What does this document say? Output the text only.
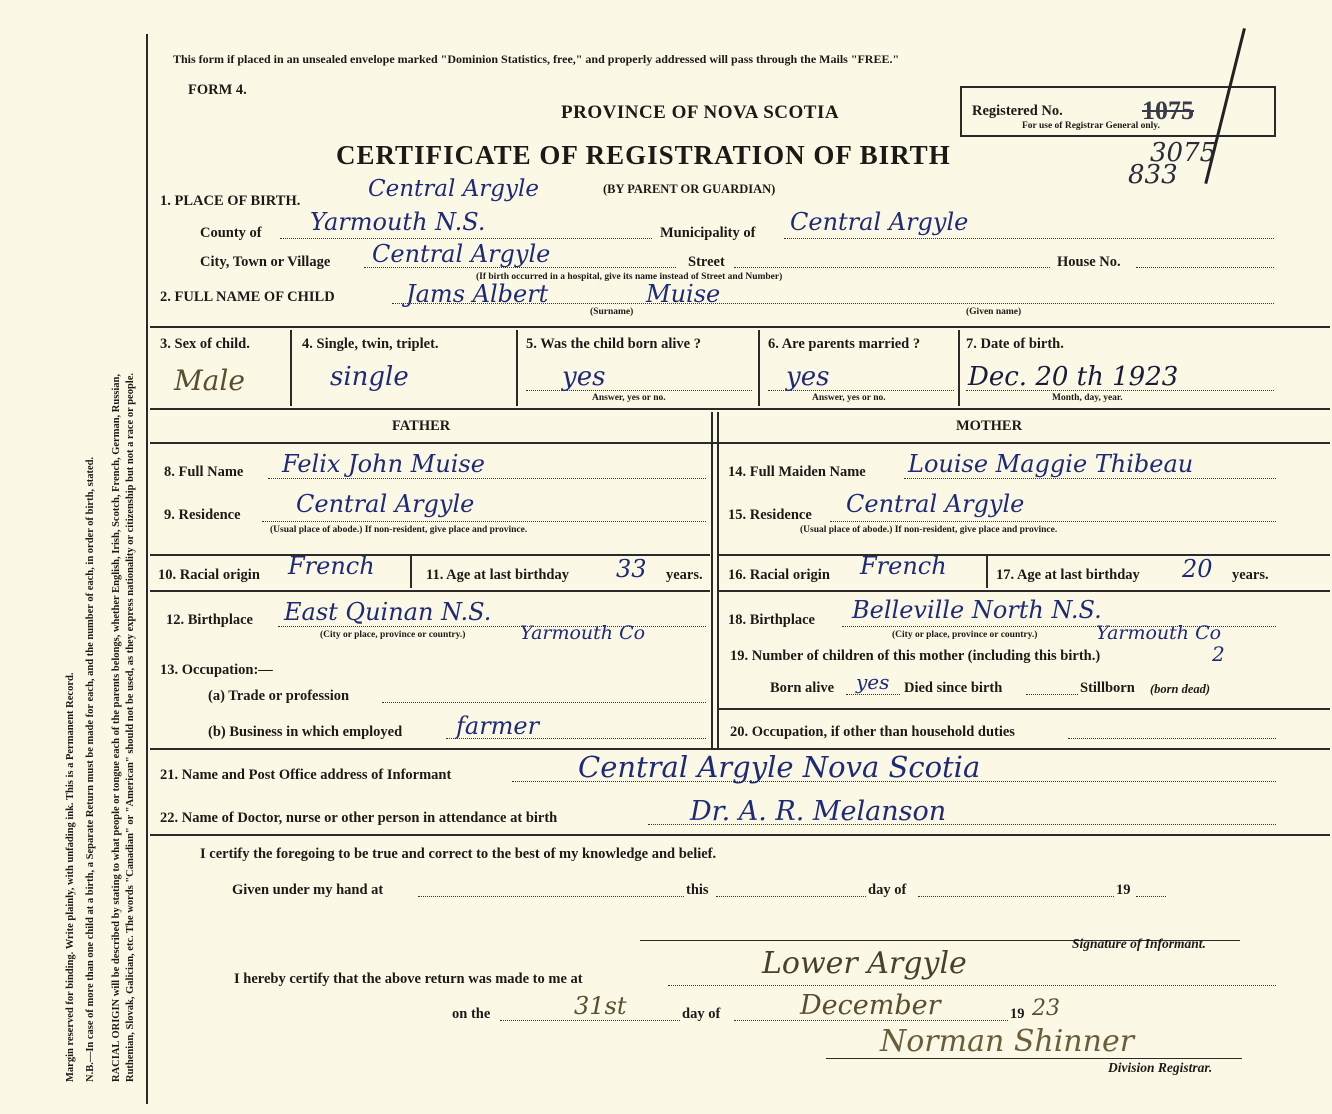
Margin reserved for binding. Write plainly, with unfading ink. This is a Permanent Record. N.B.—In case of more than one child at a birth, a Separate Return must be made for each, and the number of each, in order of birth, stated. RACIAL ORIGIN will be described by stating to what people or tongue each of the parents belongs, whether English, Irish, Scotch, French, German, Russian, Ruthenian, Slovak, Galician, etc. The words "Canadian" or "American" should not be used, as they express nationality or citizenship but not a race or people.
This form if placed in an unsealed envelope marked "Dominion Statistics, free," and properly addressed will pass through the Mails "FREE."
FORM 4.
PROVINCE OF NOVA SCOTIA	Registered No.	1075
For use of Registrar General only.
3075
833
CERTIFICATE OF REGISTRATION OF BIRTH
1. PLACE OF BIRTH.	Central Argyle	(BY PARENT OR GUARDIAN)
County of Yarmouth N.S.	Municipality of Central Argyle
City, Town or Village Central Argyle	Street	House No.
(If birth occurred in a hospital, give its name instead of Street and Number)
2. FULL NAME OF CHILD	Jams Albert	Muise
(Surname)	(Given name)
3. Sex of child.
Male
4. Single, twin, triplet.
single
5. Was the child born alive ?
yes
Answer, yes or no.
6. Are parents married ?
yes
Answer, yes or no.
7. Date of birth.
Dec. 20 th 1923
Month, day, year.
FATHER	MOTHER
8. Full Name Felix John Muise	14. Full Maiden Name Louise Maggie Thibeau
9. Residence Central Argyle
(Usual place of abode.) If non-resident, give place and province.
15. Residence Central Argyle
(Usual place of abode.) If non-resident, give place and province.
10. Racial origin French	11. Age at last birthday 33 years. 16. Racial origin French	17. Age at last birthday 20 years.
12. Birthplace East Quinan N.S.
Yarmouth Co
(City or place, province or country.)
18. Birthplace Belleville North N.S.
Yarmouth Co
(City or place, province or country.)
13. Occupation:—
(a) Trade or profession
(b) Business in which employed farmer
19. Number of children of this mother (including this birth.)	2
Born alive yes Died since birth	Stillborn (born dead)
20. Occupation, if other than household duties
21. Name and Post Office address of Informant	Central Argyle Nova Scotia
22. Name of Doctor, nurse or other person in attendance at birth	Dr. A. R. Melanson
I certify the foregoing to be true and correct to the best of my knowledge and belief.
Given under my hand at	this	day of	19
Signature of Informant.
I hereby certify that the above return was made to me at	Lower Argyle
on the	31st	day of	December	19 23
Norman Shinner
Division Registrar.
